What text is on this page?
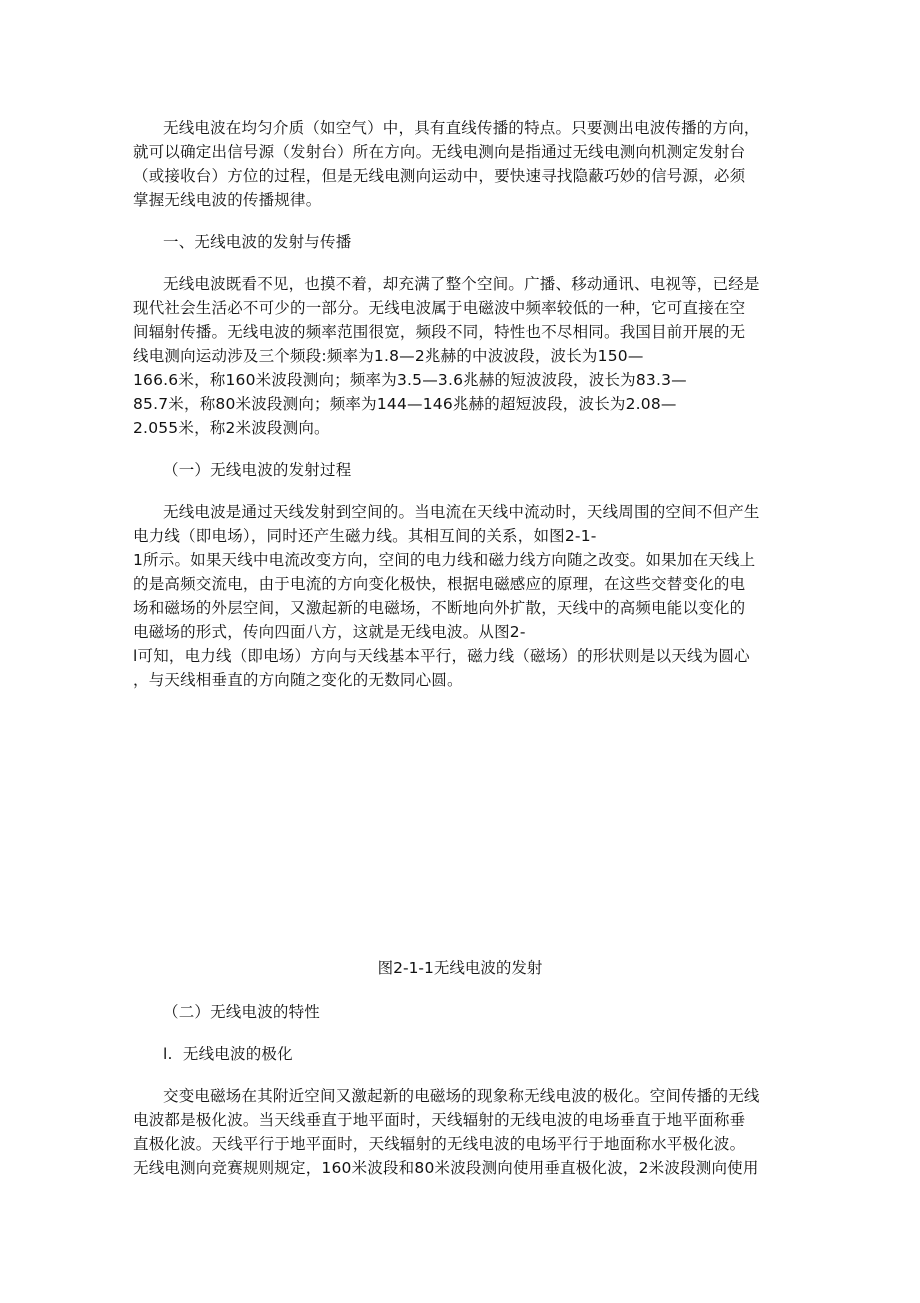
无线电波在均匀介质（如空气）中，具有直线传播的特点。只要测出电波传播的方向，
就可以确定出信号源（发射台）所在方向。无线电测向是指通过无线电测向机测定发射台
（或接收台）方位的过程，但是无线电测向运动中，要快速寻找隐蔽巧妙的信号源，必须
掌握无线电波的传播规律。
一、无线电波的发射与传播
无线电波既看不见，也摸不着，却充满了整个空间。广播、移动通讯、电视等，已经是
现代社会生活必不可少的一部分。无线电波属于电磁波中频率较低的一种，它可直接在空
间辐射传播。无线电波的频率范围很宽，频段不同，特性也不尽相同。我国目前开展的无
线电测向运动涉及三个频段:频率为1.8—2兆赫的中波波段，波长为150—
166.6米，称160米波段测向；频率为3.5—3.6兆赫的短波波段，波长为83.3—
85.7米，称80米波段测向；频率为144—146兆赫的超短波段，波长为2.08—
2.055米，称2米波段测向。
（一）无线电波的发射过程
无线电波是通过天线发射到空间的。当电流在天线中流动时，天线周围的空间不但产生
电力线（即电场），同时还产生磁力线。其相互间的关系，如图2-1-
1所示。如果天线中电流改变方向，空间的电力线和磁力线方向随之改变。如果加在天线上
的是高频交流电，由于电流的方向变化极快，根据电磁感应的原理，在这些交替变化的电
场和磁场的外层空间，又激起新的电磁场，不断地向外扩散，天线中的高频电能以变化的
电磁场的形式，传向四面八方，这就是无线电波。从图2-
l可知，电力线（即电场）方向与天线基本平行，磁力线（磁场）的形状则是以天线为圆心
，与天线相垂直的方向随之变化的无数同心圆。
图2-1-1无线电波的发射
（二）无线电波的特性
l.  无线电波的极化
交变电磁场在其附近空间又激起新的电磁场的现象称无线电波的极化。空间传播的无线
电波都是极化波。当天线垂直于地平面时，天线辐射的无线电波的电场垂直于地平面称垂
直极化波。天线平行于地平面时，天线辐射的无线电波的电场平行于地面称水平极化波。
无线电测向竞赛规则规定，160米波段和80米波段测向使用垂直极化波，2米波段测向使用
